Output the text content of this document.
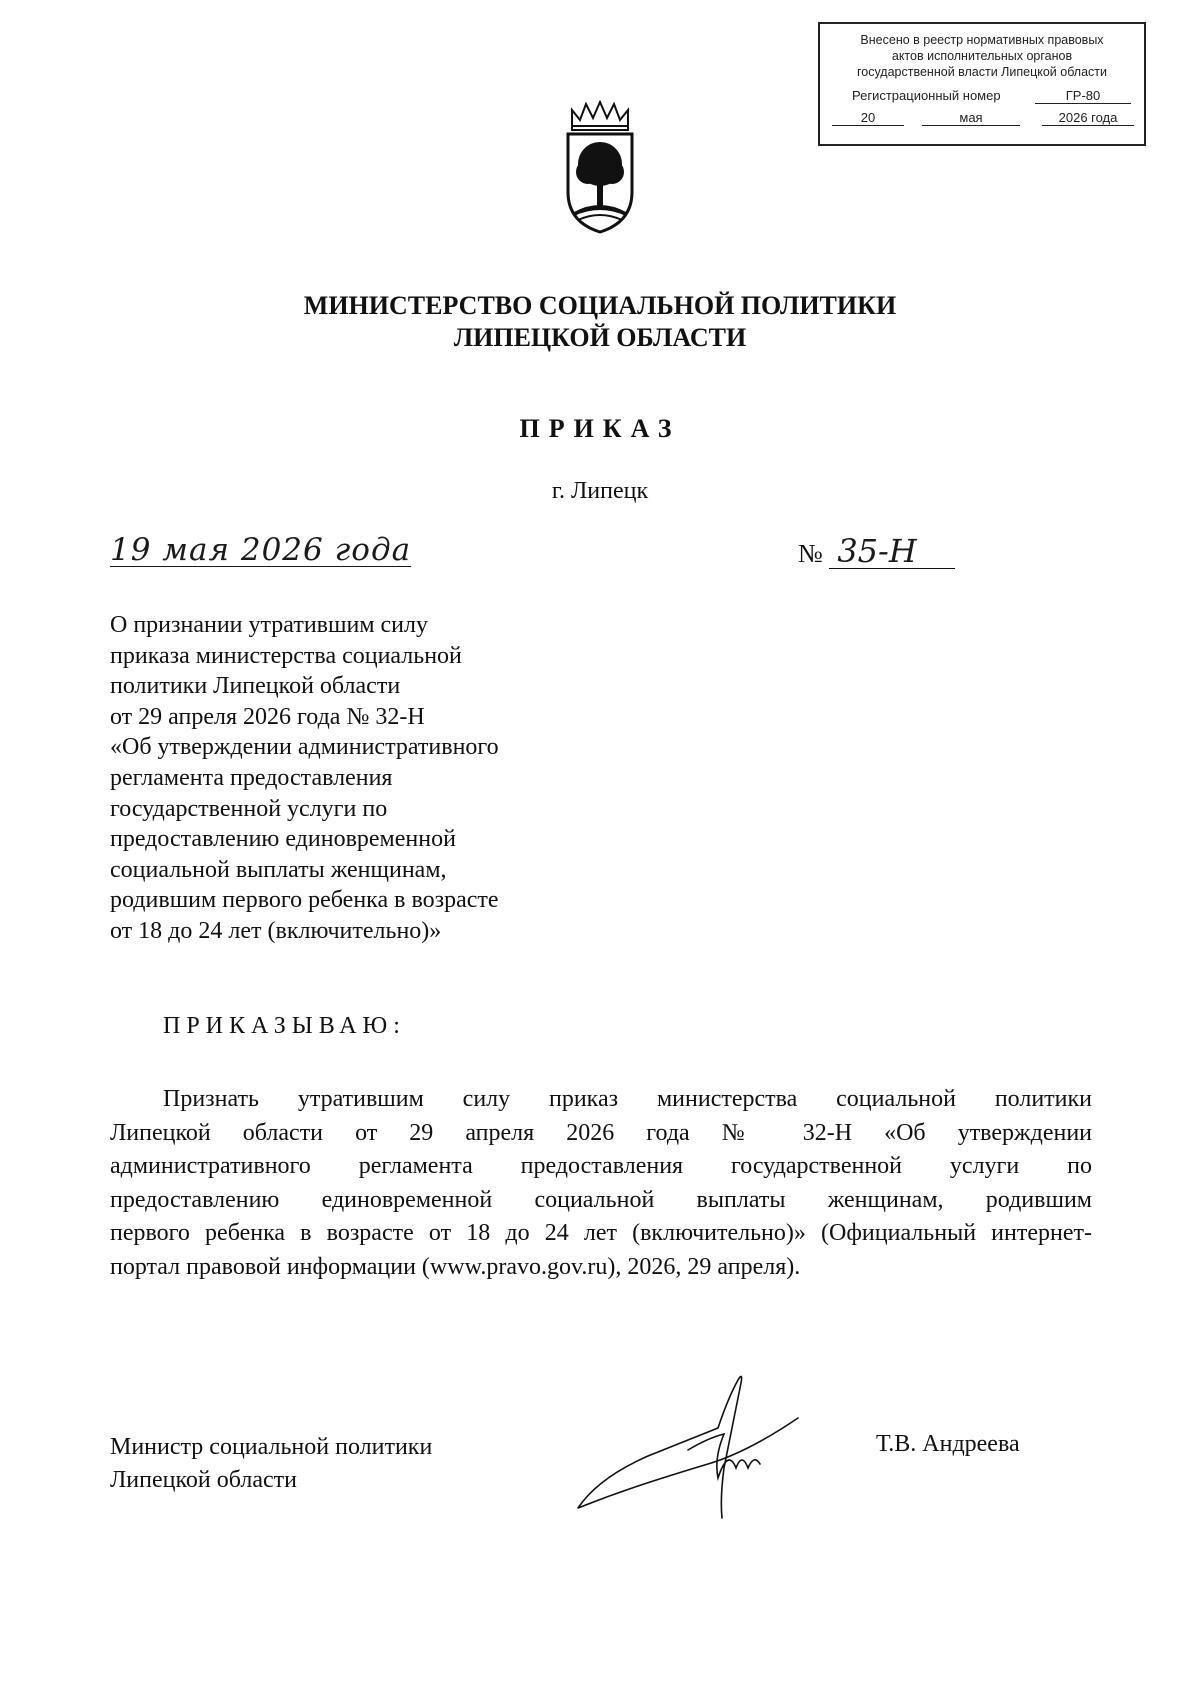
Внесено в реестр нормативных правовых
актов исполнительных органов
государственной власти Липецкой области
Регистрационный номер	ГР-80
20	мая	2026 года
МИНИСТЕРСТВО СОЦИАЛЬНОЙ ПОЛИТИКИ
ЛИПЕЦКОЙ ОБЛАСТИ
ПРИКАЗ
г. Липецк
19 мая 2026 года	№ 35-Н
О признании утратившим силу
приказа министерства социальной
политики Липецкой области
от 29 апреля 2026 года № 32-Н
«Об утверждении административного
регламента предоставления
государственной услуги по
предоставлению единовременной
социальной выплаты женщинам,
родившим первого ребенка в возрасте
от 18 до 24 лет (включительно)»
ПРИКАЗЫВАЮ:
Признать утратившим силу приказ министерства социальной политики
Липецкой области от 29 апреля 2026 года № 32-Н «Об утверждении
административного регламента предоставления государственной услуги по
предоставлению единовременной социальной выплаты женщинам, родившим
первого ребенка в возрасте от 18 до 24 лет (включительно)» (Официальный интернет-
портал правовой информации (www.pravo.gov.ru), 2026, 29 апреля).
Министр социальной политики
Липецкой области
Т.В. Андреева
